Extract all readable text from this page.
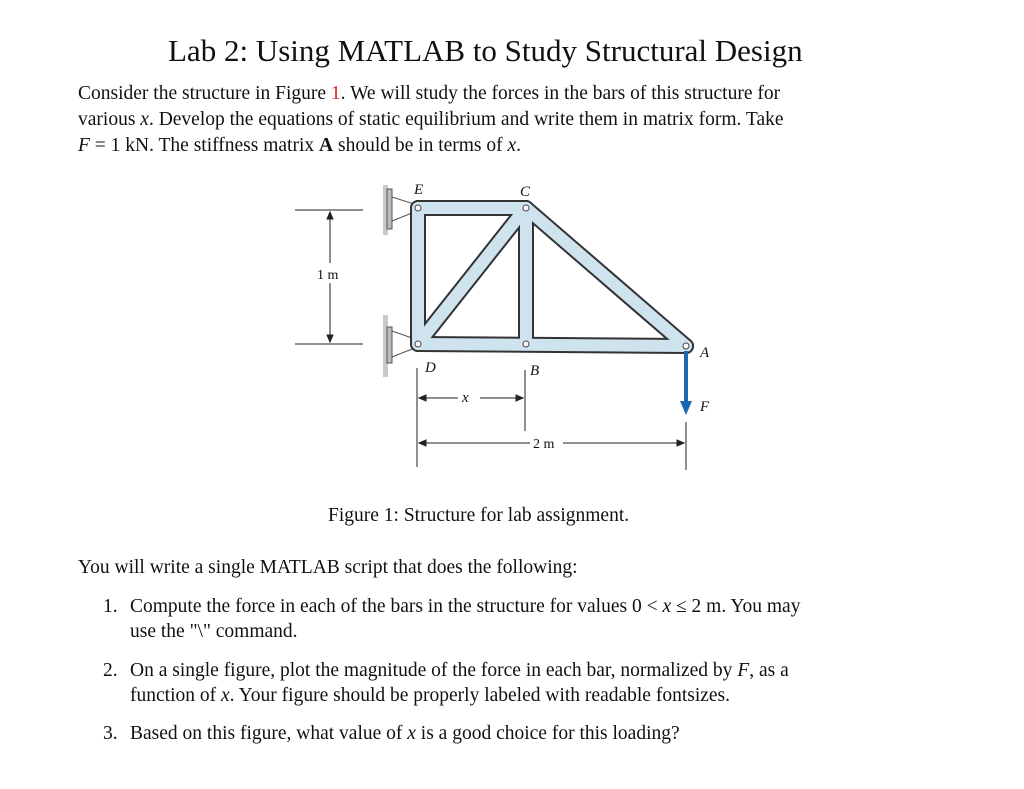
Lab 2: Using MATLAB to Study Structural Design
Consider the structure in Figure 1. We will study the forces in the bars of this structure for
various x. Develop the equations of static equilibrium and write them in matrix form. Take
F = 1 kN. The stiffness matrix A should be in terms of x.
E	C
D	B
A
F
x
1 m
2 m
Figure 1: Structure for lab assignment.
You will write a single MATLAB script that does the following:
1. Compute the force in each of the bars in the structure for values 0 < x ≤ 2 m. You may
use the "\" command.
2. On a single figure, plot the magnitude of the force in each bar, normalized by F, as a
function of x. Your figure should be properly labeled with readable fontsizes.
3. Based on this figure, what value of x is a good choice for this loading?
